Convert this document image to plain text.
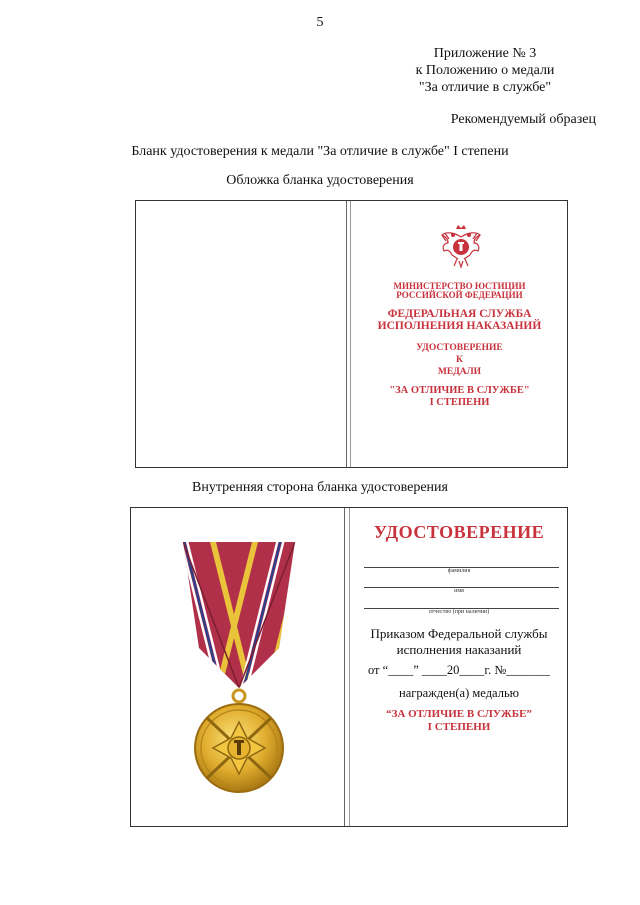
5
Приложение № 3
к Положению о медали
"За отличие в службе"
Рекомендуемый образец
Бланк удостоверения к медали "За отличие в службе" I степени
Обложка бланка удостоверения
МИНИСТЕРСТВО ЮСТИЦИИ
РОССИЙСКОЙ ФЕДЕРАЦИИ
ФЕДЕРАЛЬНАЯ СЛУЖБА
ИСПОЛНЕНИЯ НАКАЗАНИЙ
УДОСТОВЕРЕНИЕ
К
МЕДАЛИ
"ЗА ОТЛИЧИЕ В СЛУЖБЕ"
I СТЕПЕНИ
Внутренняя сторона бланка удостоверения
УДОСТОВЕРЕНИЕ
фамилия
имя
отчество (при наличии)
Приказом Федеральной службы
исполнения наказаний
от “____” ____20____г. №_______
награжден(а) медалью
“ЗА ОТЛИЧИЕ В СЛУЖБЕ”
I СТЕПЕНИ
